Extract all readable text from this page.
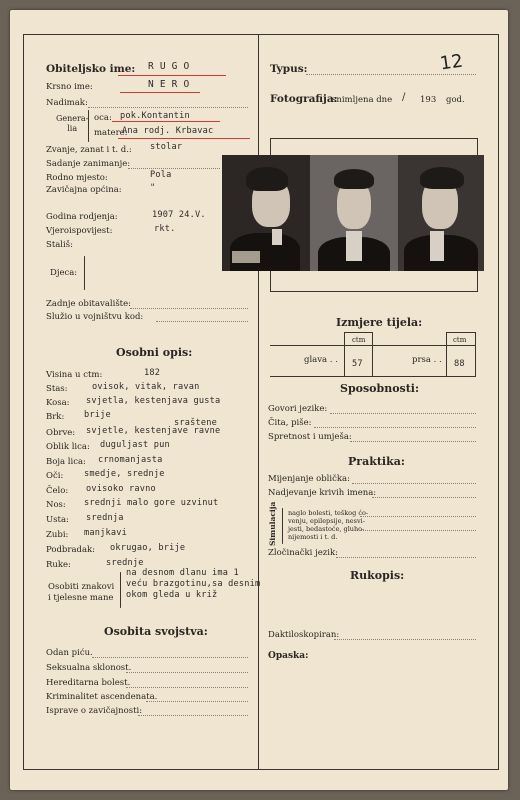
Obiteljsko ime: R U G O
Krsno ime:	N E R O
Nadimak:
Genera-
lia
oca: pok.Kontantin
matere:
Ana rodj. Krbavac
Zvanje, zanat i t. d.: stolar
Sadanje zanimanje:
Rodno mjesto:	Pola
Zavičajna općina:	"
Godina rodjenja:	1907 24.V.
Vjeroispovijest:	rkt.
Stališ:
Djeca:
Zadnje obitavalište:
Služio u vojništvu kod:
Osobni opis:
Visina u ctm:	182
Stas:	ovisok, vitak, ravan
Kosa: svjetla, kestenjava gusta
Brk: brije
sraštene
Obrve: svjetle, kestenjave ravne
Oblik lica: duguljast pun
Boja lica: crnomanjasta
Oči: smedje, srednje
Čelo: ovisoko ravno
Nos: srednji malo gore uzvinut
Usta: srednja
Zubi: manjkavi
Podbradak: okrugao, brije
Ruke:	srednje
Osobiti znakovi
i tjelesne mane
na desnom dlanu ima 1
veću brazgotinu,sa desnim
okom gleda u križ
Osobita svojstva:
Odan piću.
Seksualna sklonost.
Hereditarna bolest.
Kriminalitet ascendenata.
Isprave o zavičajnosti:
Typus:	12
Fotografija:
snimljena dne / 193 god.
Izmjere tijela:
ctm	ctm
glava . . 57	prsa . . 88
Sposobnosti:
Govori jezike:
Čita, piše:
Spretnost i umješa:
Praktika:
Mijenjanje oblička:
Nadjevanje krivih imena:
Simulacija naglo bolesti, teškog ćo-
venju, epilepsije, nesvi-
jesti, bedastoće, gluho-
nijemosti i t. d.
Zločinački jezik:
Rukopis:
Daktiloskopiran:
Opaska:
